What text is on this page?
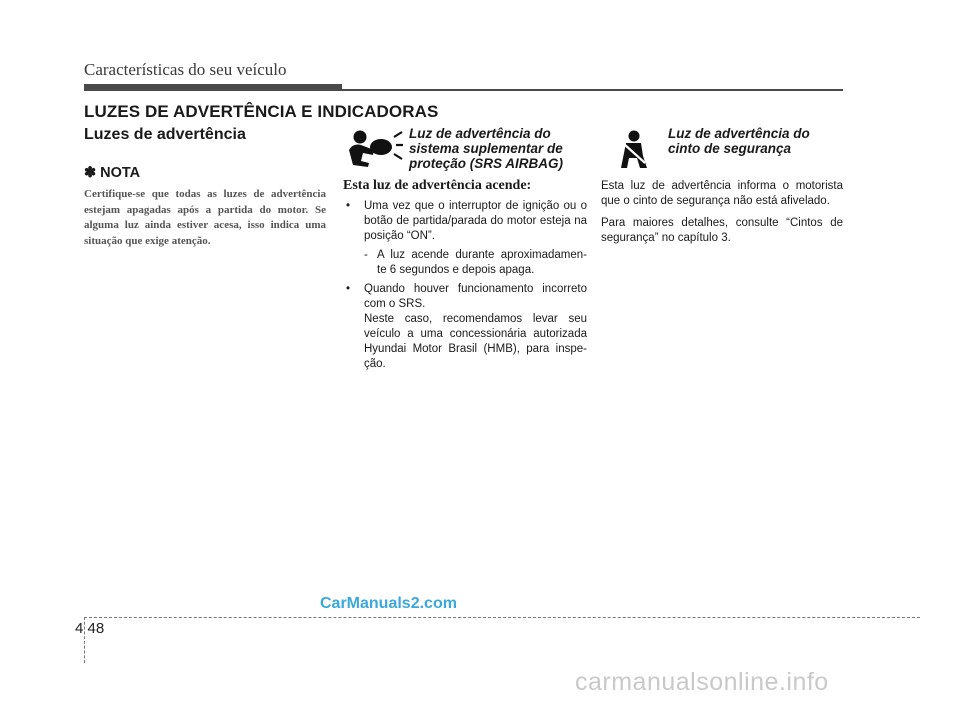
Características do seu veículo
LUZES DE ADVERTÊNCIA E INDICADORAS
Luzes de advertência
✽ NOTA
Certifique-se que todas as luzes de advertência estejam apagadas após a partida do motor. Se alguma luz ainda estiver acesa, isso indica uma situação que exige atenção.
Luz de advertência do
sistema suplementar de
proteção (SRS AIRBAG)
Esta luz de advertência acende:
• Uma vez que o interruptor de ignição ou o botão de partida/parada do motor esteja na posição “ON”.
- A luz acende durante aproximadamen- te 6 segundos e depois apaga.
• Quando houver funcionamento incorreto com o SRS.
Neste caso, recomendamos levar seu veículo a uma concessionária autorizada Hyundai Motor Brasil (HMB), para inspe- ção.
Luz de advertência do
cinto de segurança
Esta luz de advertência informa o motorista que o cinto de segurança não está afivelado.
Para maiores detalhes, consulte “Cintos de segurança” no capítulo 3.
CarManuals2.com
4 48
carmanualsonline.info
